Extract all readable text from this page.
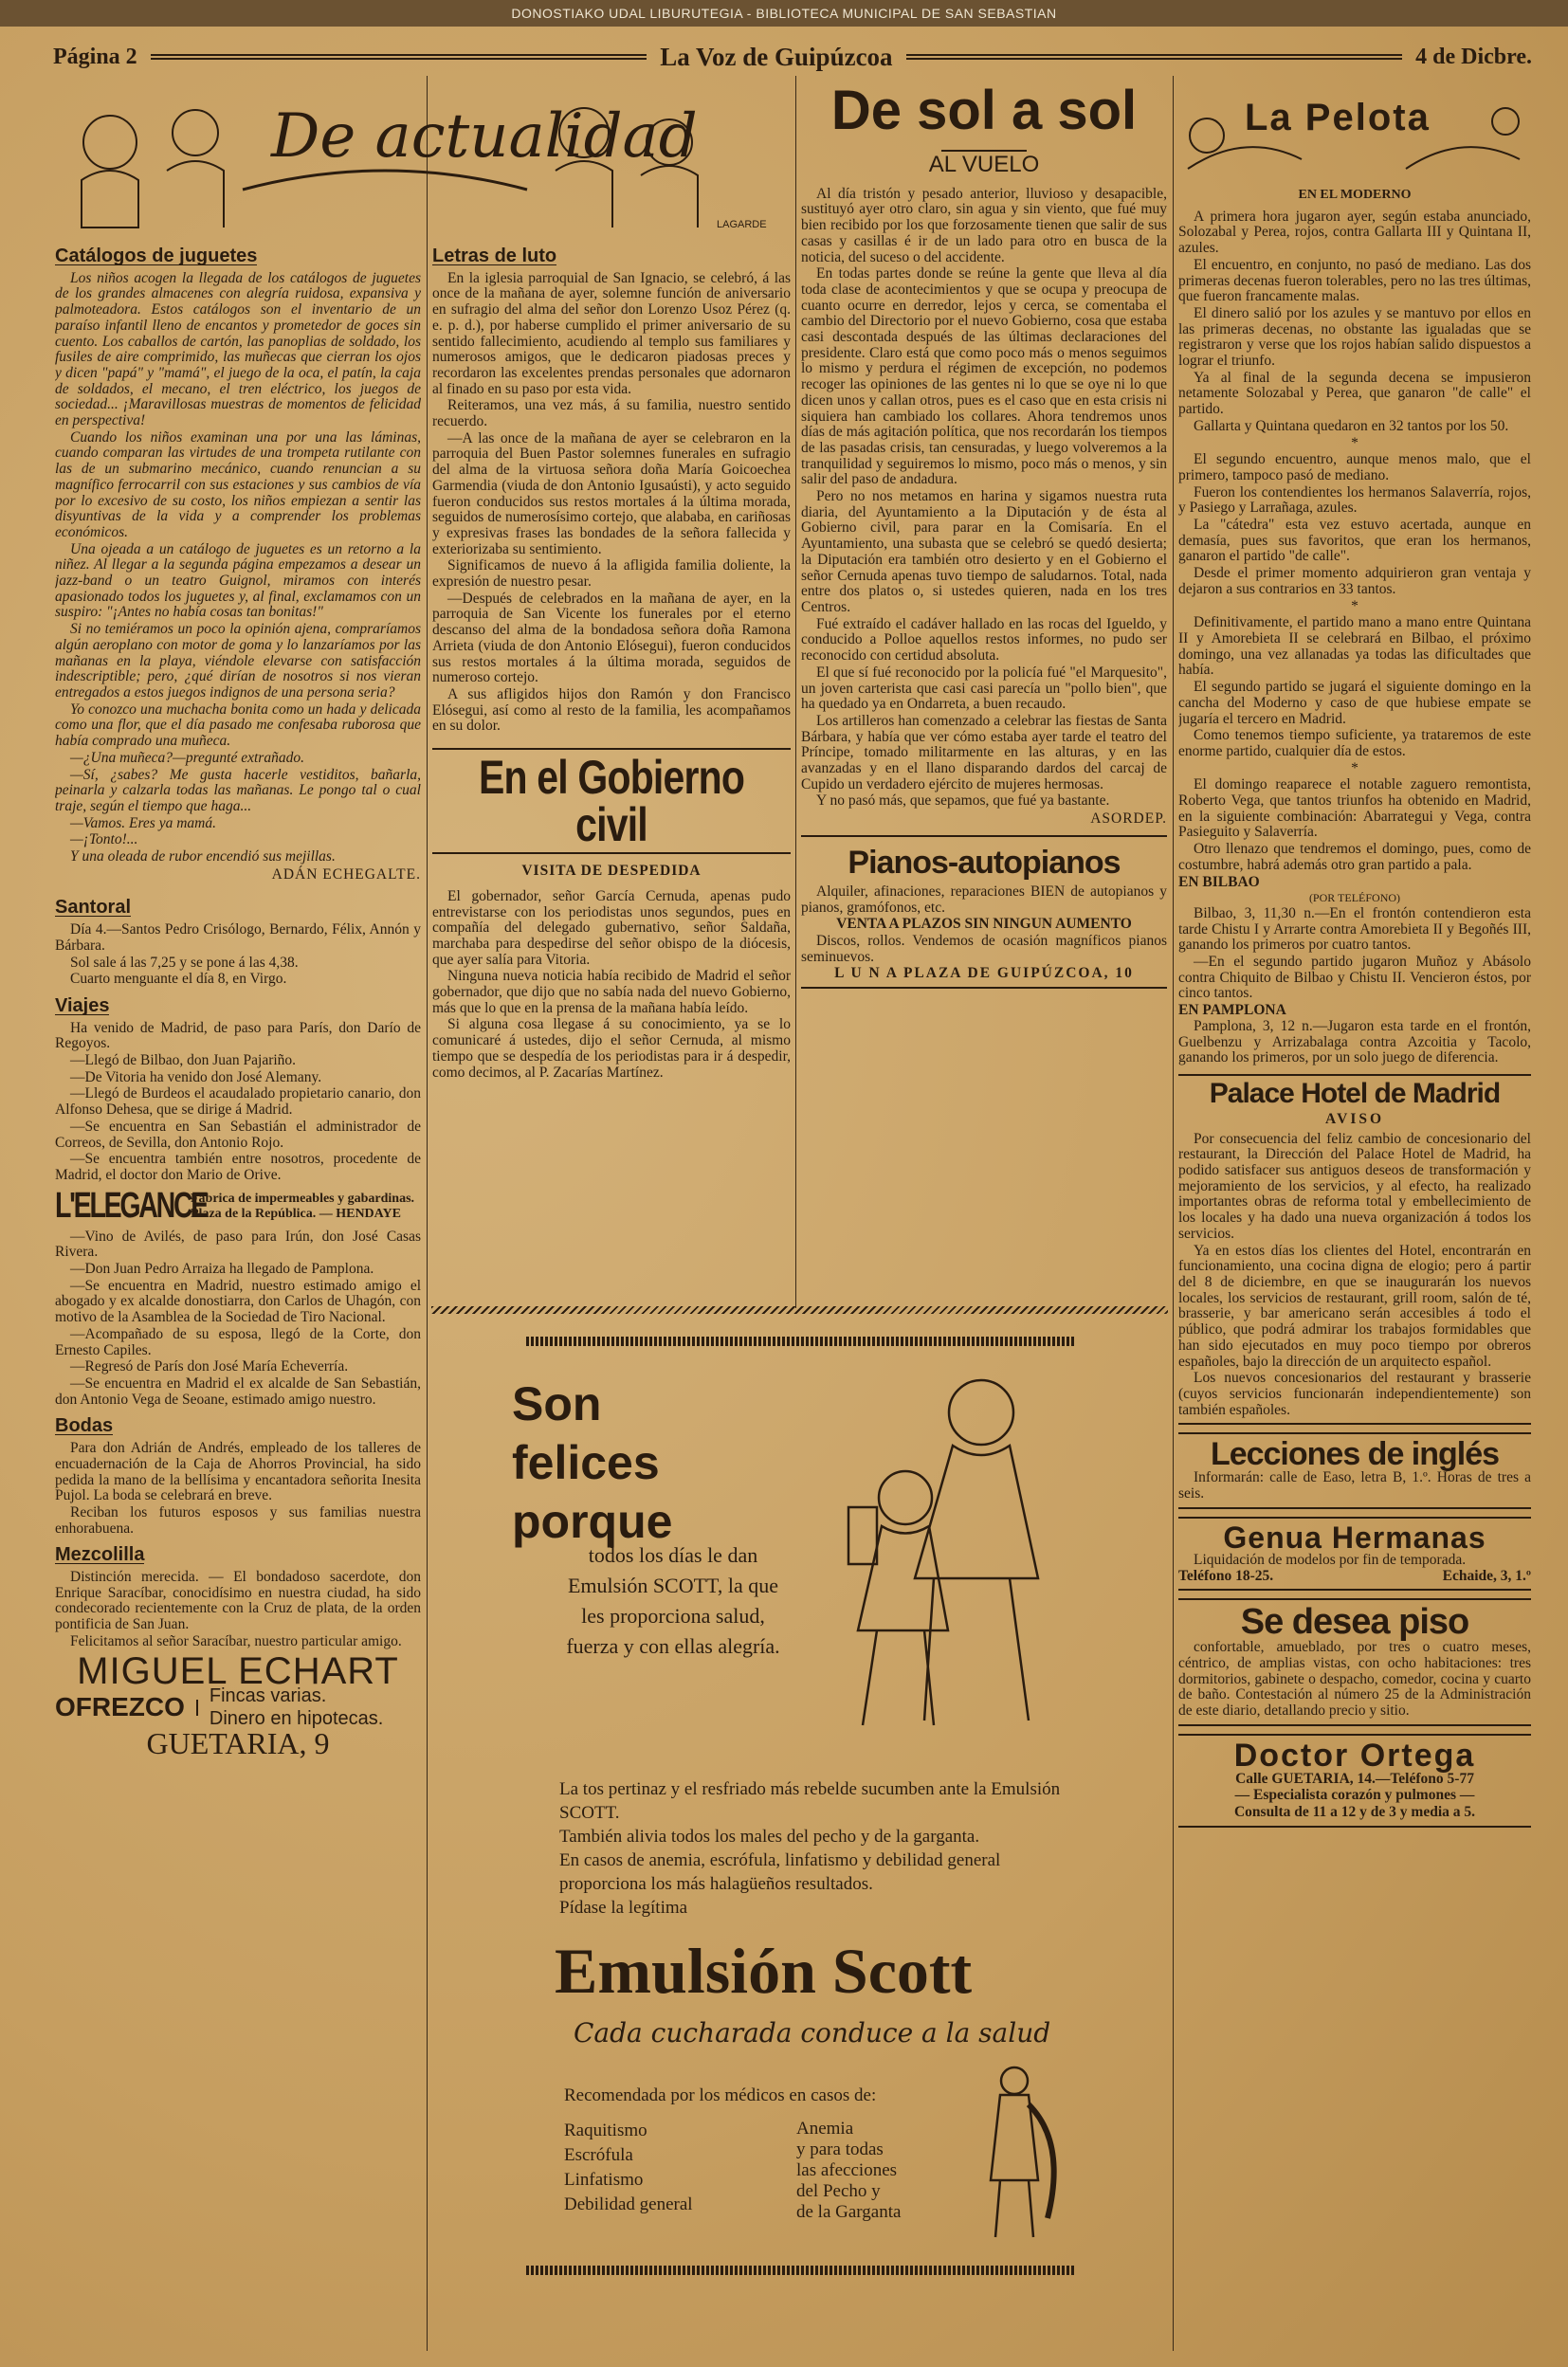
DONOSTIAKO UDAL LIBURUTEGIA - BIBLIOTECA MUNICIPAL DE SAN SEBASTIAN
Página 2	La Voz de Guipúzcoa	4 de Dicbre.
De actualidad
LAGARDE
Catálogos de juguetes

Los niños acogen la llegada de los catálogos de juguetes de los grandes almacenes con alegría ruidosa, expansiva y palmoteadora. Estos catálogos son el inventario de un paraíso infantil lleno de encantos y prometedor de goces sin cuento. Los caballos de cartón, las panoplias de soldado, los fusiles de aire comprimido, las muñecas que cierran los ojos y dicen "papá" y "mamá", el juego de la oca, el patín, la caja de soldados, el mecano, el tren eléctrico, los juegos de sociedad... ¡Maravillosas muestras de momentos de felicidad en perspectiva!

Cuando los niños examinan una por una las láminas, cuando comparan las virtudes de una trompeta rutilante con las de un submarino mecánico, cuando renuncian a su magnífico ferrocarril con sus estaciones y sus cambios de vía por lo excesivo de su costo, los niños empiezan a sentir las disyuntivas de la vida y a comprender los problemas económicos.

Una ojeada a un catálogo de juguetes es un retorno a la niñez. Al llegar a la segunda página empezamos a desear un jazz-band o un teatro Guignol, miramos con interés apasionado todos los juguetes y, al final, exclamamos con un suspiro: "¡Antes no había cosas tan bonitas!"

Si no temiéramos un poco la opinión ajena, compraríamos algún aeroplano con motor de goma y lo lanzaríamos por las mañanas en la playa, viéndole elevarse con satisfacción indescriptible; pero, ¿qué dirían de nosotros si nos vieran entregados a estos juegos indignos de una persona seria?

Yo conozco una muchacha bonita como un hada y delicada como una flor, que el día pasado me confesaba ruborosa que había comprado una muñeca.

—¿Una muñeca?—pregunté extrañado.

—Sí, ¿sabes? Me gusta hacerle vestiditos, bañarla, peinarla y calzarla todas las mañanas. Le pongo tal o cual traje, según el tiempo que haga...

—Vamos. Eres ya mamá.

—¡Tonto!...

Y una oleada de rubor encendió sus mejillas.

ADÁN ECHEGALTE.
Santoral

Día 4.—Santos Pedro Crisólogo, Bernardo, Félix, Annón y Bárbara.

Sol sale á las 7,25 y se pone á las 4,38.

Cuarto menguante el día 8, en Virgo.

Viajes

Ha venido de Madrid, de paso para París, don Darío de Regoyos.

—Llegó de Bilbao, don Juan Pajariño.

—De Vitoria ha venido don José Alemany.

—Llegó de Burdeos el acaudalado propietario canario, don Alfonso Dehesa, que se dirige á Madrid.

—Se encuentra en San Sebastián el administrador de Correos, de Sevilla, don Antonio Rojo.

—Se encuentra también entre nosotros, procedente de Madrid, el doctor don Mario de Orive.

L'ELEGANCE
Fábrica de impermeables y gabardinas. Plaza de la República. — HENDAYE

—Vino de Avilés, de paso para Irún, don José Casas Rivera.

—Don Juan Pedro Arraiza ha llegado de Pamplona.

—Se encuentra en Madrid, nuestro estimado amigo el abogado y ex alcalde donostiarra, don Carlos de Uhagón, con motivo de la Asamblea de la Sociedad de Tiro Nacional.

—Acompañado de su esposa, llegó de la Corte, don Ernesto Capiles.

—Regresó de París don José María Echeverría.

—Se encuentra en Madrid el ex alcalde de San Sebastián, don Antonio Vega de Seoane, estimado amigo nuestro.

Bodas

Para don Adrián de Andrés, empleado de los talleres de encuadernación de la Caja de Ahorros Provincial, ha sido pedida la mano de la bellísima y encantadora señorita Inesita Pujol. La boda se celebrará en breve.

Reciban los futuros esposos y sus familias nuestra enhorabuena.

Mezcolilla

Distinción merecida. — El bondadoso sacerdote, don Enrique Saracíbar, conocidísimo en nuestra ciudad, ha sido condecorado recientemente con la Cruz de plata, de la orden pontificia de San Juan.

Felicitamos al señor Saracíbar, nuestro particular amigo.

MIGUEL ECHART
OFREZCO	Fincas varias.
Dinero en hipotecas.
GUETARIA, 9
Letras de luto

En la iglesia parroquial de San Ignacio, se celebró, á las once de la mañana de ayer, solemne función de aniversario en sufragio del alma del señor don Lorenzo Usoz Pérez (q. e. p. d.), por haberse cumplido el primer aniversario de su sentido fallecimiento, acudiendo al templo sus familiares y numerosos amigos, que le dedicaron piadosas preces y recordaron las excelentes prendas personales que adornaron al finado en su paso por esta vida.

Reiteramos, una vez más, á su familia, nuestro sentido recuerdo.

—A las once de la mañana de ayer se celebraron en la parroquia del Buen Pastor solemnes funerales en sufragio del alma de la virtuosa señora doña María Goicoechea Garmendia (viuda de don Antonio Igusaústi), y acto seguido fueron conducidos sus restos mortales á la última morada, seguidos de numerosísimo cortejo, que alababa, en cariñosas y expresivas frases las bondades de la señora fallecida y exteriorizaba su sentimiento.

Significamos de nuevo á la afligida familia doliente, la expresión de nuestro pesar.

—Después de celebrados en la mañana de ayer, en la parroquia de San Vicente los funerales por el eterno descanso del alma de la bondadosa señora doña Ramona Arrieta (viuda de don Antonio Elósegui), fueron conducidos sus restos mortales á la última morada, seguidos de numeroso cortejo.

A sus afligidos hijos don Ramón y don Francisco Elósegui, así como al resto de la familia, les acompañamos en su dolor.

En el Gobierno civil
VISITA DE DESPEDIDA

El gobernador, señor García Cernuda, apenas pudo entrevistarse con los periodistas unos segundos, pues en compañía del delegado gubernativo, señor Saldaña, marchaba para despedirse del señor obispo de la diócesis, que ayer salía para Vitoria.

Ninguna nueva noticia había recibido de Madrid el señor gobernador, que dijo que no sabía nada del nuevo Gobierno, más que lo que en la prensa de la mañana había leído.

Si alguna cosa llegase á su conocimiento, ya se lo comunicaré á ustedes, dijo el señor Cernuda, al mismo tiempo que se despedía de los periodistas para ir á despedir, como decimos, al P. Zacarías Martínez.

De sol a sol
AL VUELO

Al día tristón y pesado anterior, lluvioso y desapacible, sustituyó ayer otro claro, sin agua y sin viento, que fué muy bien recibido por los que forzosamente tienen que salir de sus casas y casillas é ir de un lado para otro en busca de la noticia, del suceso o del accidente.

En todas partes donde se reúne la gente que lleva al día toda clase de acontecimientos y que se ocupa y preocupa de cuanto ocurre en derredor, lejos y cerca, se comentaba el cambio del Directorio por el nuevo Gobierno, cosa que estaba casi descontada después de las últimas declaraciones del presidente. Claro está que como poco más o menos seguimos lo mismo y perdura el régimen de excepción, no podemos recoger las opiniones de las gentes ni lo que se oye ni lo que dicen unos y callan otros, pues es el caso que en esta crisis ni siquiera han cambiado los collares. Ahora tendremos unos días de más agitación política, que nos recordarán los tiempos de las pasadas crisis, tan censuradas, y luego volveremos a la tranquilidad y seguiremos lo mismo, poco más o menos, y sin salir del paso de andadura.

Pero no nos metamos en harina y sigamos nuestra ruta diaria, del Ayuntamiento a la Diputación y de ésta al Gobierno civil, para parar en la Comisaría. En el Ayuntamiento, una subasta que se celebró se quedó desierta; la Diputación era también otro desierto y en el Gobierno el señor Cernuda apenas tuvo tiempo de saludarnos. Total, nada entre dos platos o, si ustedes quieren, nada en los tres Centros.

Fué extraído el cadáver hallado en las rocas del Igueldo, y conducido a Polloe aquellos restos informes, no pudo ser reconocido con certidud absoluta.

El que sí fué reconocido por la policía fué "el Marquesito", un joven carterista que casi casi parecía un "pollo bien", que ha quedado ya en Ondarreta, a buen recaudo.

Los artilleros han comenzado a celebrar las fiestas de Santa Bárbara, y había que ver cómo estaba ayer tarde el teatro del Príncipe, tomado militarmente en las alturas, y en las avanzadas y en el llano disparando dardos del carcaj de Cupido un verdadero ejército de mujeres hermosas.

Y no pasó más, que sepamos, que fué ya bastante.

ASORDEP.
Pianos-autopianos

Alquiler, afinaciones, reparaciones BIEN de autopianos y pianos, gramófonos, etc.

VENTA A PLAZOS SIN NINGUN AUMENTO

Discos, rollos. Vendemos de ocasión magníficos pianos seminuevos.

L U N A PLAZA DE GUIPÚZCOA, 10

La Pelota
EN EL MODERNO

A primera hora jugaron ayer, según estaba anunciado, Solozabal y Perea, rojos, contra Gallarta III y Quintana II, azules.

El encuentro, en conjunto, no pasó de mediano. Las dos primeras decenas fueron tolerables, pero no las tres últimas, que fueron francamente malas.

El dinero salió por los azules y se mantuvo por ellos en las primeras decenas, no obstante las igualadas que se registraron y verse que los rojos habían salido dispuestos a lograr el triunfo.

Ya al final de la segunda decena se impusieron netamente Solozabal y Perea, que ganaron "de calle" el partido.

Gallarta y Quintana quedaron en 32 tantos por los 50.

*

El segundo encuentro, aunque menos malo, que el primero, tampoco pasó de mediano.

Fueron los contendientes los hermanos Salaverría, rojos, y Pasiego y Larrañaga, azules.

La "cátedra" esta vez estuvo acertada, aunque en demasía, pues sus favoritos, que eran los hermanos, ganaron el partido "de calle".

Desde el primer momento adquirieron gran ventaja y dejaron a sus contrarios en 33 tantos.

*

Definitivamente, el partido mano a mano entre Quintana II y Amorebieta II se celebrará en Bilbao, el próximo domingo, una vez allanadas ya todas las dificultades que había.

El segundo partido se jugará el siguiente domingo en la cancha del Moderno y caso de que hubiese empate se jugaría el tercero en Madrid.

Como tenemos tiempo suficiente, ya trataremos de este enorme partido, cualquier día de estos.

*

El domingo reaparece el notable zaguero remontista, Roberto Vega, que tantos triunfos ha obtenido en Madrid, en la siguiente combinación: Abarrategui y Vega, contra Pasieguito y Salaverría.

Otro llenazo que tendremos el domingo, pues, como de costumbre, habrá además otro gran partido a pala.

EN BILBAO
(POR TELÉFONO)

Bilbao, 3, 11,30 n.—En el frontón contendieron esta tarde Chistu I y Arrarte contra Amorebieta II y Begoñés III, ganando los primeros por cuatro tantos.

—En el segundo partido jugaron Muñoz y Abásolo contra Chiquito de Bilbao y Chistu II. Vencieron éstos, por cinco tantos.

EN PAMPLONA

Pamplona, 3, 12 n.—Jugaron esta tarde en el frontón, Guelbenzu y Arrizabalaga contra Azcoitia y Tacolo, ganando los primeros, por un solo juego de diferencia.

Palace Hotel de Madrid
AVISO

Por consecuencia del feliz cambio de concesionario del restaurant, la Dirección del Palace Hotel de Madrid, ha podido satisfacer sus antiguos deseos de transformación y mejoramiento de los servicios, y al efecto, ha realizado importantes obras de reforma total y embellecimiento de los locales y ha dado una nueva organización á todos los servicios.

Ya en estos días los clientes del Hotel, encontrarán en funcionamiento, una cocina digna de elogio; pero á partir del 8 de diciembre, en que se inaugurarán los nuevos locales, los servicios de restaurant, grill room, salón de té, brasserie, y bar americano serán accesibles á todo el público, que podrá admirar los trabajos formidables que han sido ejecutados en muy poco tiempo por obreros españoles, bajo la dirección de un arquitecto español.

Los nuevos concesionarios del restaurant y brasserie (cuyos servicios funcionarán independientemente) son también españoles.

Lecciones de inglés

Informarán: calle de Easo, letra B, 1.º. Horas de tres a seis.

Genua Hermanas

Liquidación de modelos por fin de temporada.

Teléfono 18-25.	Echaide, 3, 1.º
Se desea piso

confortable, amueblado, por tres o cuatro meses, céntrico, de amplias vistas, con ocho habitaciones: tres dormitorios, gabinete o despacho, comedor, cocina y cuarto de baño. Contestación al número 25 de la Administración de este diario, detallando precio y sitio.

Doctor Ortega

Calle GUETARIA, 14.—Teléfono 5-77

— Especialista corazón y pulmones —

Consulta de 11 a 12 y de 3 y media a 5.

Son felices porque
todos los días le dan Emulsión SCOTT, la que les proporciona salud, fuerza y con ellas alegría.

La tos pertinaz y el resfriado más rebelde sucumben ante la Emulsión SCOTT.

También alivia todos los males del pecho y de la garganta.

En casos de anemia, escrófula, linfatismo y debilidad general proporciona los más halagüeños resultados.

Pídase la legítima

Emulsión Scott
Cada cucharada conduce a la salud
Recomendada por los médicos en casos de:
Raquitismo
Escrófula
Linfatismo
Debilidad general
Anemia
y para todas
las afecciones
del Pecho y
de la Garganta
